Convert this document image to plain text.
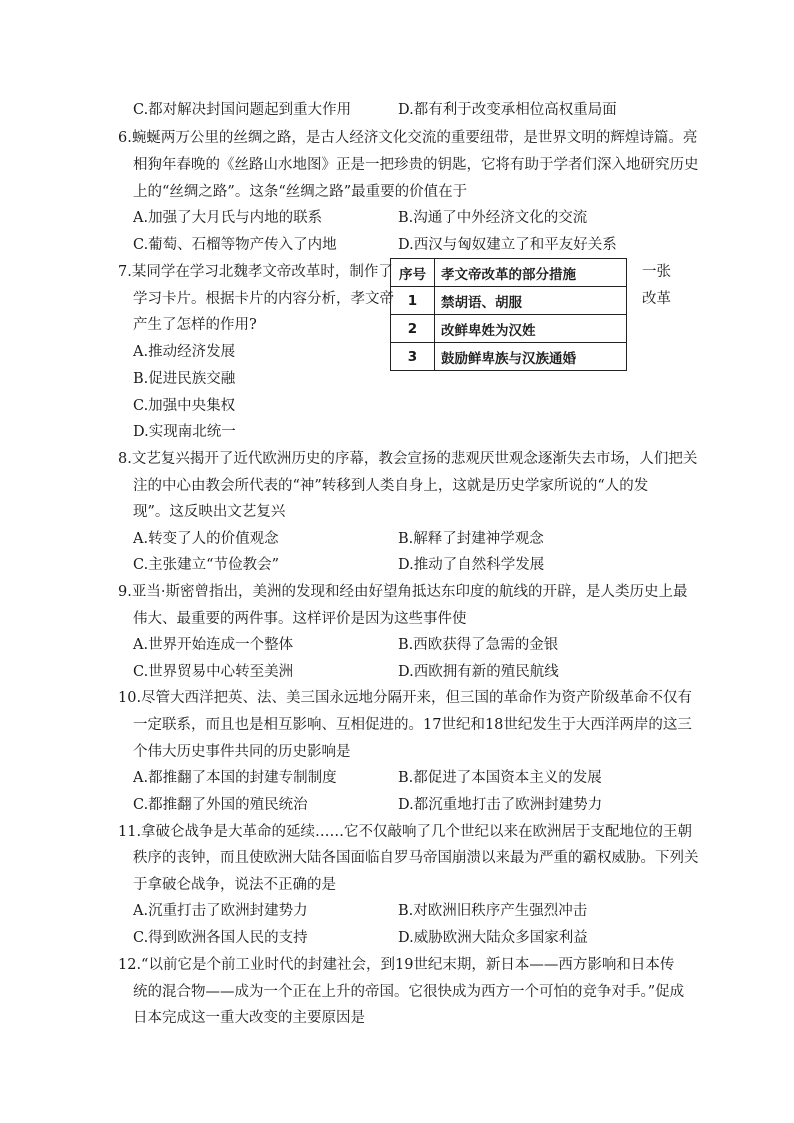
C.都对解决封国问题起到重大作用	D.都有利于改变承相位高权重局面
6.蜿蜒两万公里的丝绸之路，是古人经济文化交流的重要纽带，是世界文明的辉煌诗篇。亮
相狗年春晚的《丝路山水地图》正是一把珍贵的钥匙，它将有助于学者们深入地研究历史
上的“丝绸之路”。这条“丝绸之路”最重要的价值在于
A.加强了大月氏与内地的联系	B.沟通了中外经济文化的交流
C.葡萄、石榴等物产传入了内地	D.西汉与匈奴建立了和平友好关系
7.某同学在学习北魏孝文帝改革时，制作了	一张
学习卡片。根据卡片的内容分析，孝文帝	改革
产生了怎样的作用?
A.推动经济发展
B.促进民族交融
C.加强中央集权
D.实现南北统一
序号	孝文帝改革的部分措施
1	禁胡语、胡服
2	改鲜卑姓为汉姓
3	鼓励鲜卑族与汉族通婚
8.文艺复兴揭开了近代欧洲历史的序幕，教会宣扬的悲观厌世观念逐渐失去市场，人们把关
注的中心由教会所代表的“神”转移到人类自身上，这就是历史学家所说的“人的发
现”。这反映出文艺复兴
A.转变了人的价值观念	B.解释了封建神学观念
C.主张建立“节俭教会”	D.推动了自然科学发展
9.亚当·斯密曾指出，美洲的发现和经由好望角抵达东印度的航线的开辟，是人类历史上最
伟大、最重要的两件事。这样评价是因为这些事件使
A.世界开始连成一个整体	B.西欧获得了急需的金银
C.世界贸易中心转至美洲	D.西欧拥有新的殖民航线
10.尽管大西洋把英、法、美三国永远地分隔开来，但三国的革命作为资产阶级革命不仅有
一定联系，而且也是相互影响、互相促进的。17世纪和18世纪发生于大西洋两岸的这三
个伟大历史事件共同的历史影响是
A.都推翻了本国的封建专制制度	B.都促进了本国资本主义的发展
C.都推翻了外国的殖民统治	D.都沉重地打击了欧洲封建势力
11.拿破仑战争是大革命的延续……它不仅敲响了几个世纪以来在欧洲居于支配地位的王朝
秩序的丧钟，而且使欧洲大陆各国面临自罗马帝国崩溃以来最为严重的霸权威胁。下列关
于拿破仑战争，说法不正确的是
A.沉重打击了欧洲封建势力	B.对欧洲旧秩序产生强烈冲击
C.得到欧洲各国人民的支持	D.威胁欧洲大陆众多国家利益
12.“以前它是个前工业时代的封建社会，到19世纪末期，新日本——西方影响和日本传
统的混合物——成为一个正在上升的帝国。它很快成为西方一个可怕的竞争对手。”促成
日本完成这一重大改变的主要原因是
